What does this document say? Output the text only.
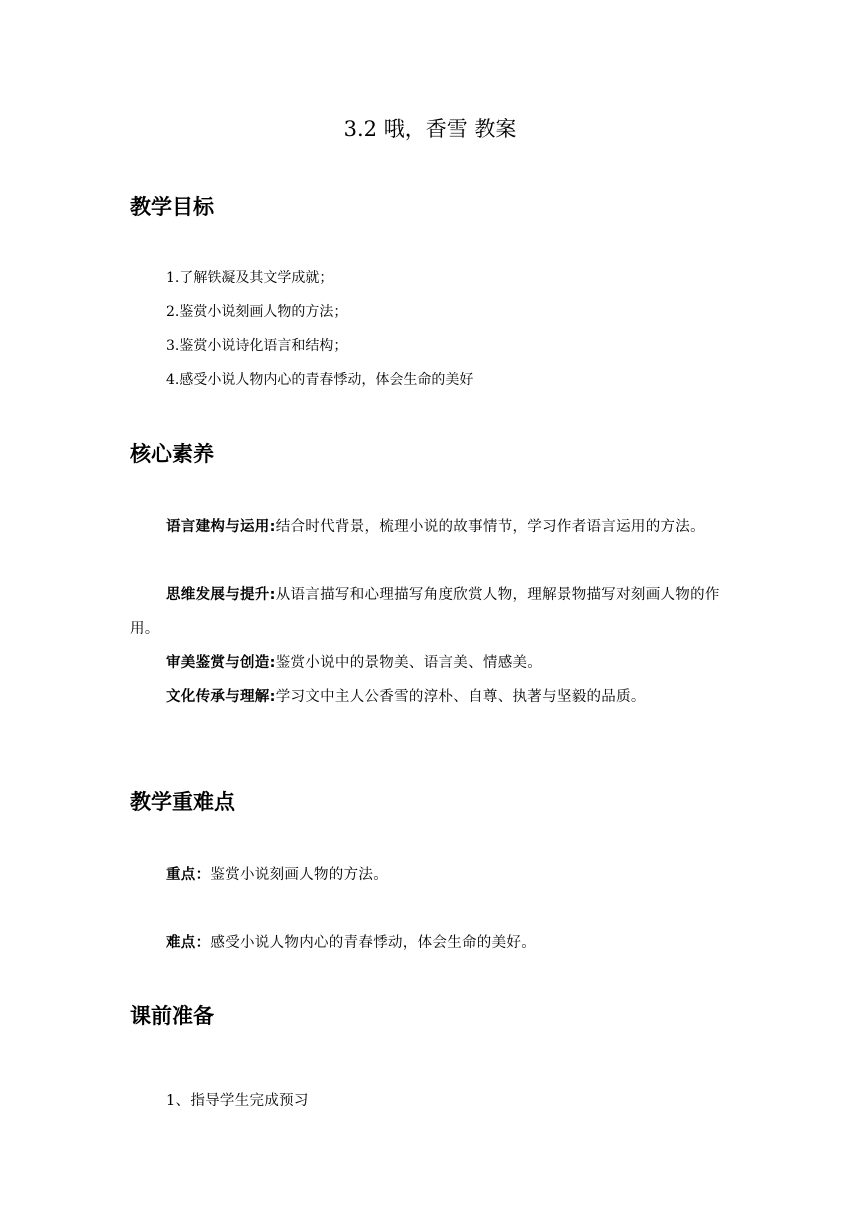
3.2 哦，香雪 教案
教学目标
1.了解铁凝及其文学成就；
2.鉴赏小说刻画人物的方法；
3.鉴赏小说诗化语言和结构；
4.感受小说人物内心的青春悸动，体会生命的美好
核心素养

语言建构与运用:结合时代背景，梳理小说的故事情节，学习作者语言运用的方法。

思维发展与提升:从语言描写和心理描写角度欣赏人物，理解景物描写对刻画人物的作用。

审美鉴赏与创造:鉴赏小说中的景物美、语言美、情感美。

文化传承与理解:学习文中主人公香雪的淳朴、自尊、执著与坚毅的品质。

教学重难点

重点：鉴赏小说刻画人物的方法。

难点：感受小说人物内心的青春悸动，体会生命的美好。

课前准备

1、指导学生完成预习
